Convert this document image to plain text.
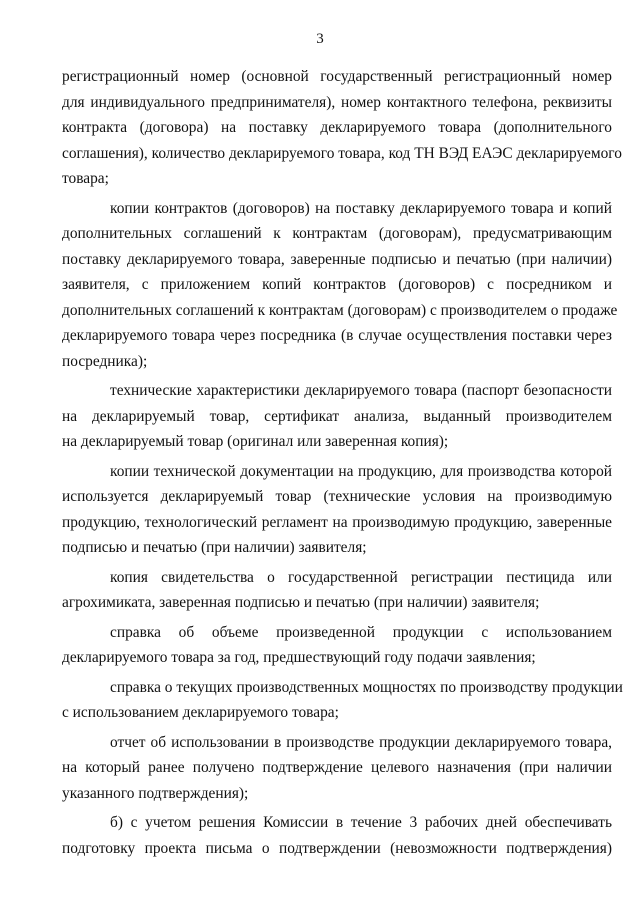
3

регистрационный номер (основной государственный регистрационный номер
для индивидуального предпринимателя), номер контактного телефона, реквизиты
контракта (договора) на поставку декларируемого товара (дополнительного
соглашения), количество декларируемого товара, код ТН ВЭД ЕАЭС декларируемого
товара;

копии контрактов (договоров) на поставку декларируемого товара и копий
дополнительных соглашений к контрактам (договорам), предусматривающим
поставку декларируемого товара, заверенные подписью и печатью (при наличии)
заявителя, с приложением копий контрактов (договоров) с посредником и
дополнительных соглашений к контрактам (договорам) с производителем о продаже
декларируемого товара через посредника (в случае осуществления поставки через
посредника);

технические характеристики декларируемого товара (паспорт безопасности
на декларируемый товар, сертификат анализа, выданный производителем
на декларируемый товар (оригинал или заверенная копия);

копии технической документации на продукцию, для производства которой
используется декларируемый товар (технические условия на производимую
продукцию, технологический регламент на производимую продукцию, заверенные
подписью и печатью (при наличии) заявителя;

копия свидетельства о государственной регистрации пестицида или
агрохимиката, заверенная подписью и печатью (при наличии) заявителя;

справка об объеме произведенной продукции с использованием
декларируемого товара за год, предшествующий году подачи заявления;

справка о текущих производственных мощностях по производству продукции
с использованием декларируемого товара;

отчет об использовании в производстве продукции декларируемого товара,
на который ранее получено подтверждение целевого назначения (при наличии
указанного подтверждения);

б) с учетом решения Комиссии в течение 3 рабочих дней обеспечивать
подготовку проекта письма о подтверждении (невозможности подтверждения)
